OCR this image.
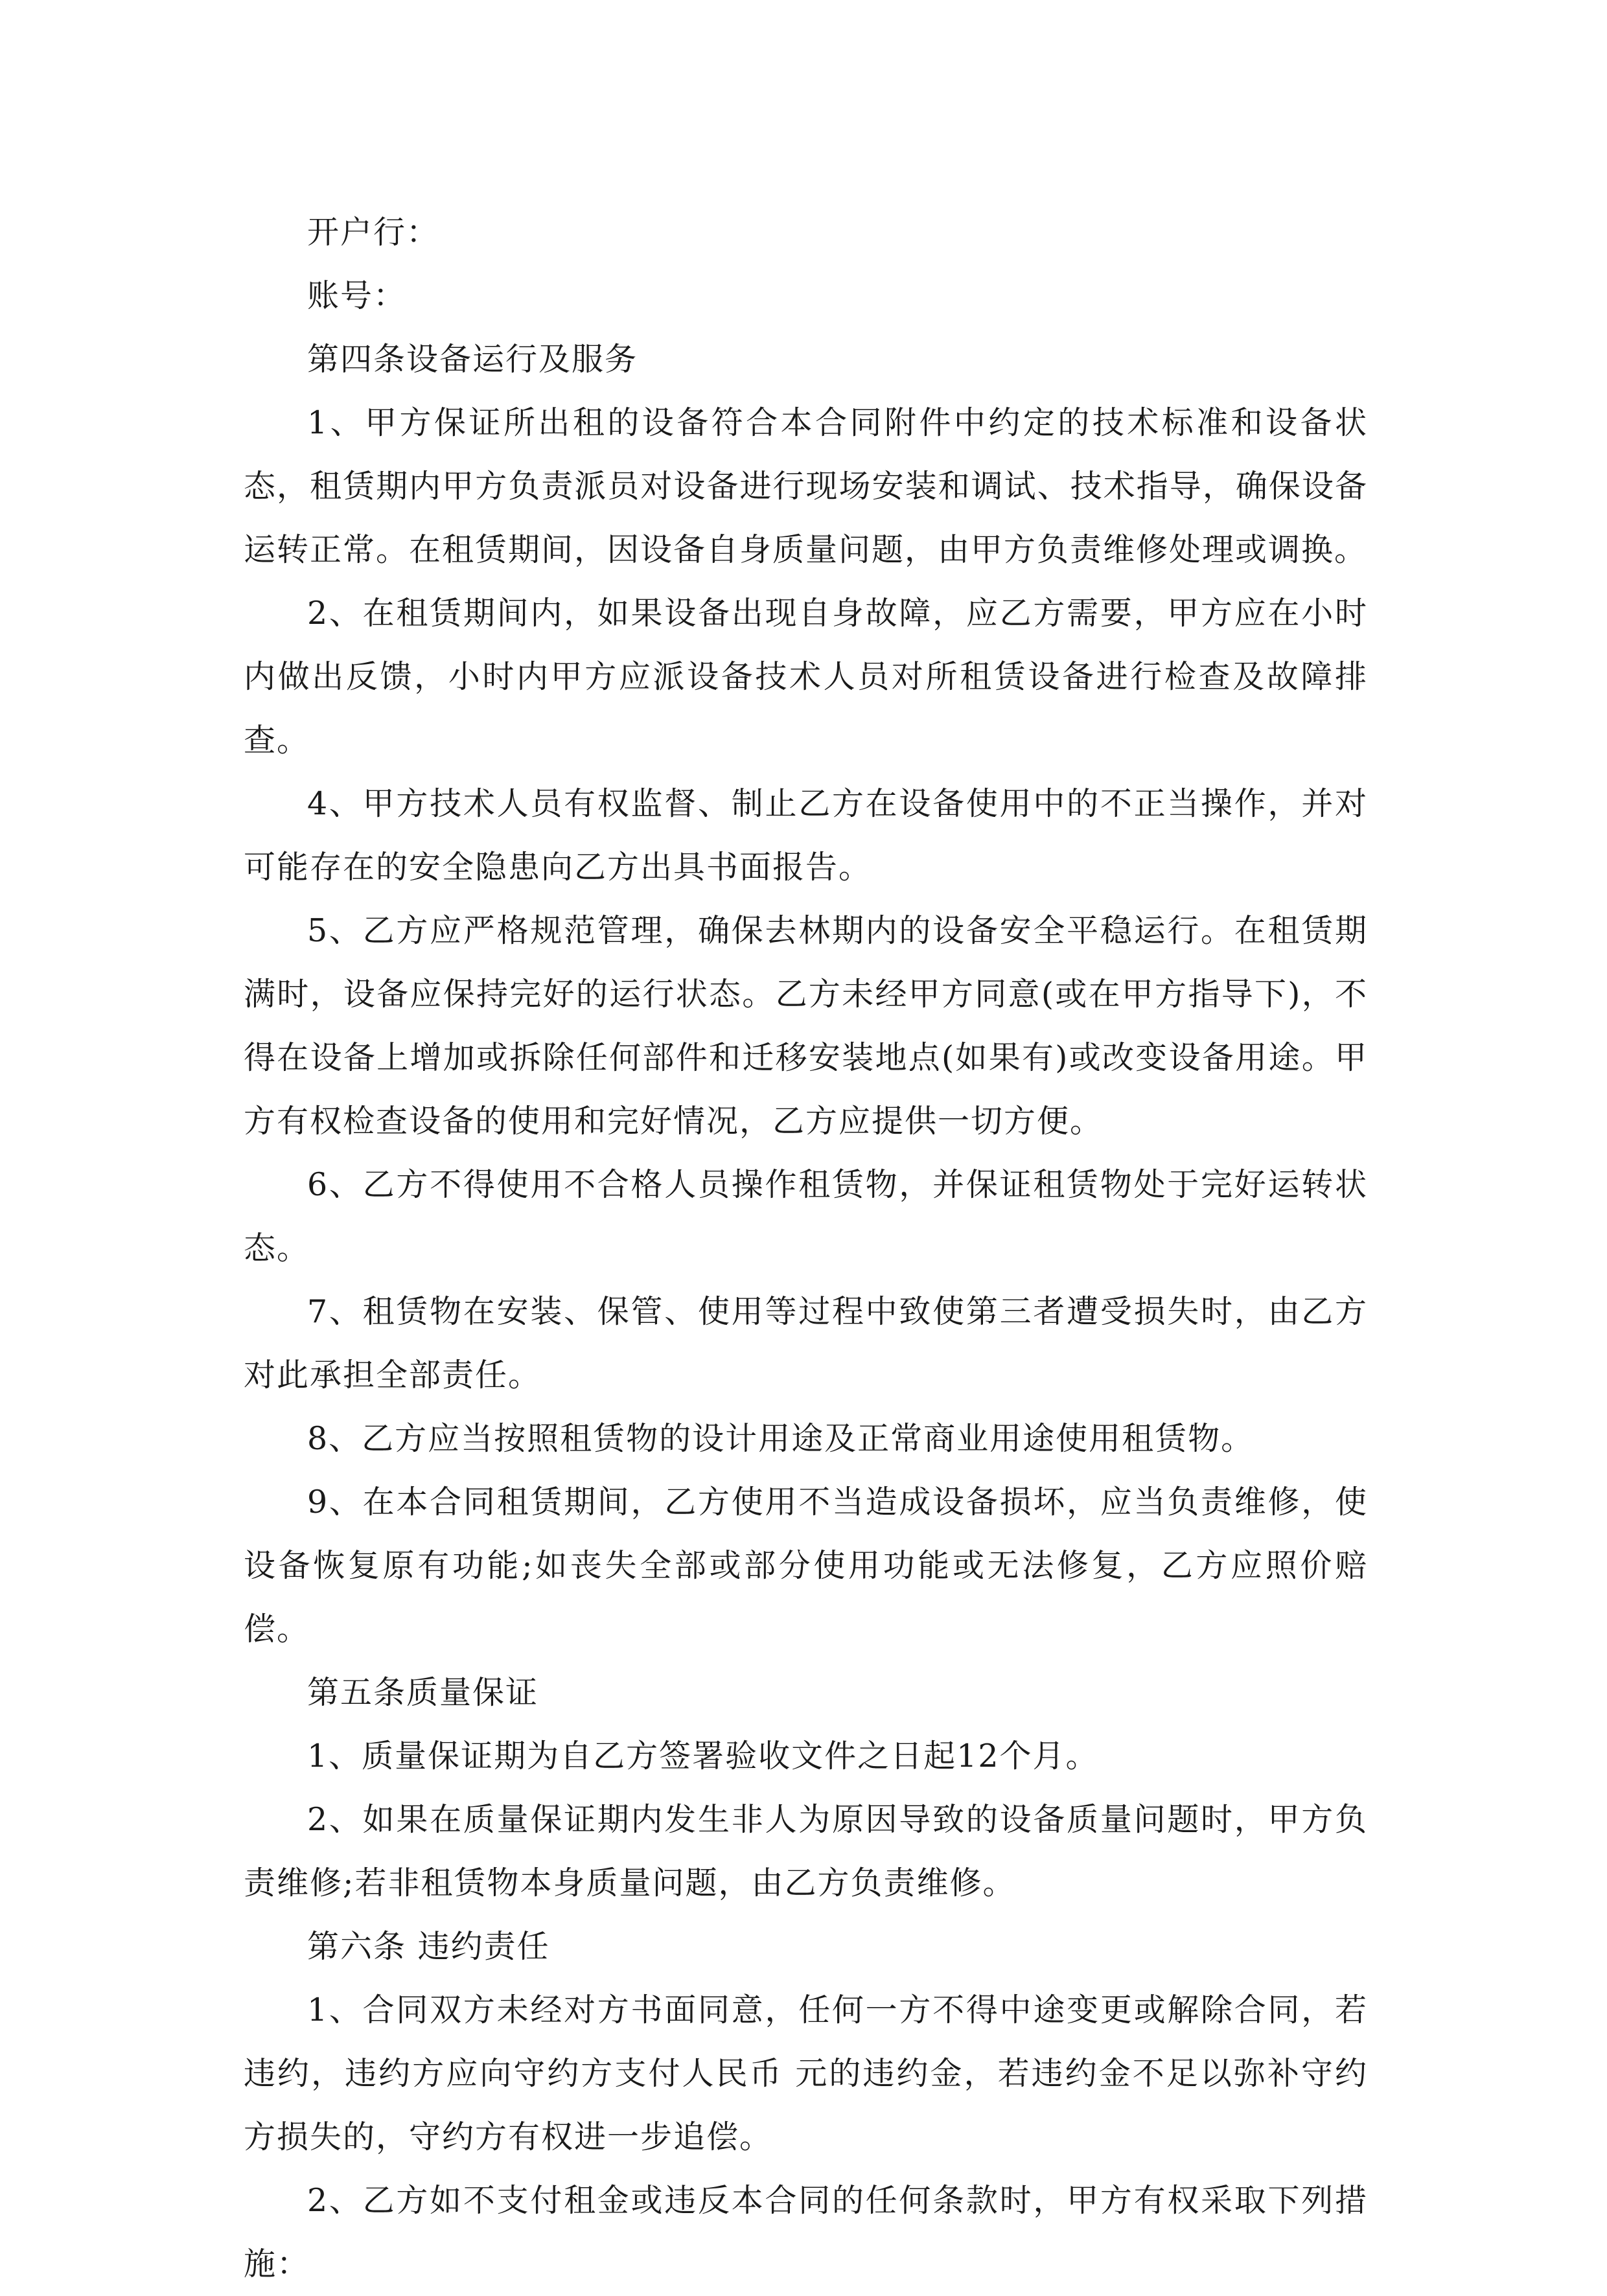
开户行：

账号：

第四条设备运行及服务

1、甲方保证所出租的设备符合本合同附件中约定的技术标准和设备状态，租赁期内甲方负责派员对设备进行现场安装和调试、技术指导，确保设备运转正常。在租赁期间，因设备自身质量问题，由甲方负责维修处理或调换。

2、在租赁期间内，如果设备出现自身故障，应乙方需要，甲方应在小时内做出反馈，小时内甲方应派设备技术人员对所租赁设备进行检查及故障排查。

4、甲方技术人员有权监督、制止乙方在设备使用中的不正当操作，并对可能存在的安全隐患向乙方出具书面报告。

5、乙方应严格规范管理，确保去林期内的设备安全平稳运行。在租赁期满时，设备应保持完好的运行状态。乙方未经甲方同意(或在甲方指导下)，不得在设备上增加或拆除任何部件和迁移安装地点(如果有)或改变设备用途。甲方有权检查设备的使用和完好情况，乙方应提供一切方便。

6、乙方不得使用不合格人员操作租赁物，并保证租赁物处于完好运转状态。

7、租赁物在安装、保管、使用等过程中致使第三者遭受损失时，由乙方对此承担全部责任。

8、乙方应当按照租赁物的设计用途及正常商业用途使用租赁物。

9、在本合同租赁期间，乙方使用不当造成设备损坏，应当负责维修，使设备恢复原有功能;如丧失全部或部分使用功能或无法修复，乙方应照价赔偿。

第五条质量保证

1、质量保证期为自乙方签署验收文件之日起12个月。

2、如果在质量保证期内发生非人为原因导致的设备质量问题时，甲方负责维修;若非租赁物本身质量问题，由乙方负责维修。

第六条 违约责任

1、合同双方未经对方书面同意，任何一方不得中途变更或解除合同，若违约，违约方应向守约方支付人民币 元的违约金，若违约金不足以弥补守约方损失的，守约方有权进一步追偿。

2、乙方如不支付租金或违反本合同的任何条款时，甲方有权采取下列措施：
